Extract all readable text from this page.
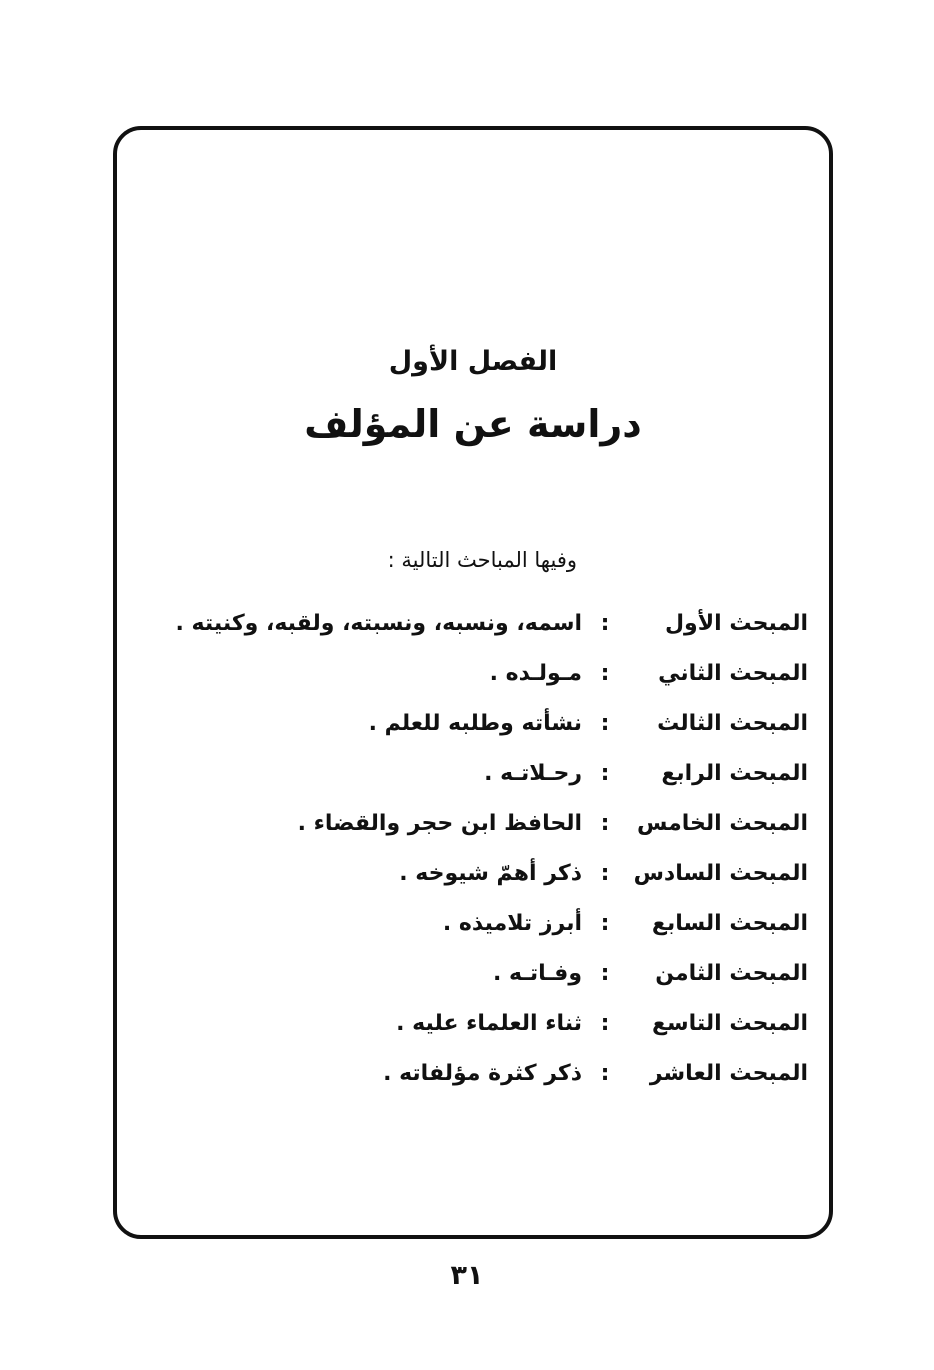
الفصل الأول
دراسة عن المؤلف
وفيها المباحث التالية :
المبحث الأول
:
اسمه، ونسبه، ونسبته، ولقبه، وكنيته .
المبحث الثاني
:
مـولـده .
المبحث الثالث
:
نشأته وطلبه للعلم .
المبحث الرابع
:
رحـلاتـه .
المبحث الخامس
:
الحافظ ابن حجر والقضاء .
المبحث السادس
:
ذكر أهمّ شيوخه .
المبحث السابع
:
أبرز تلاميذه .
المبحث الثامن
:
وفـاتـه .
المبحث التاسع
:
ثناء العلماء عليه .
المبحث العاشر
:
ذكر كثرة مؤلفاته .
٣١
